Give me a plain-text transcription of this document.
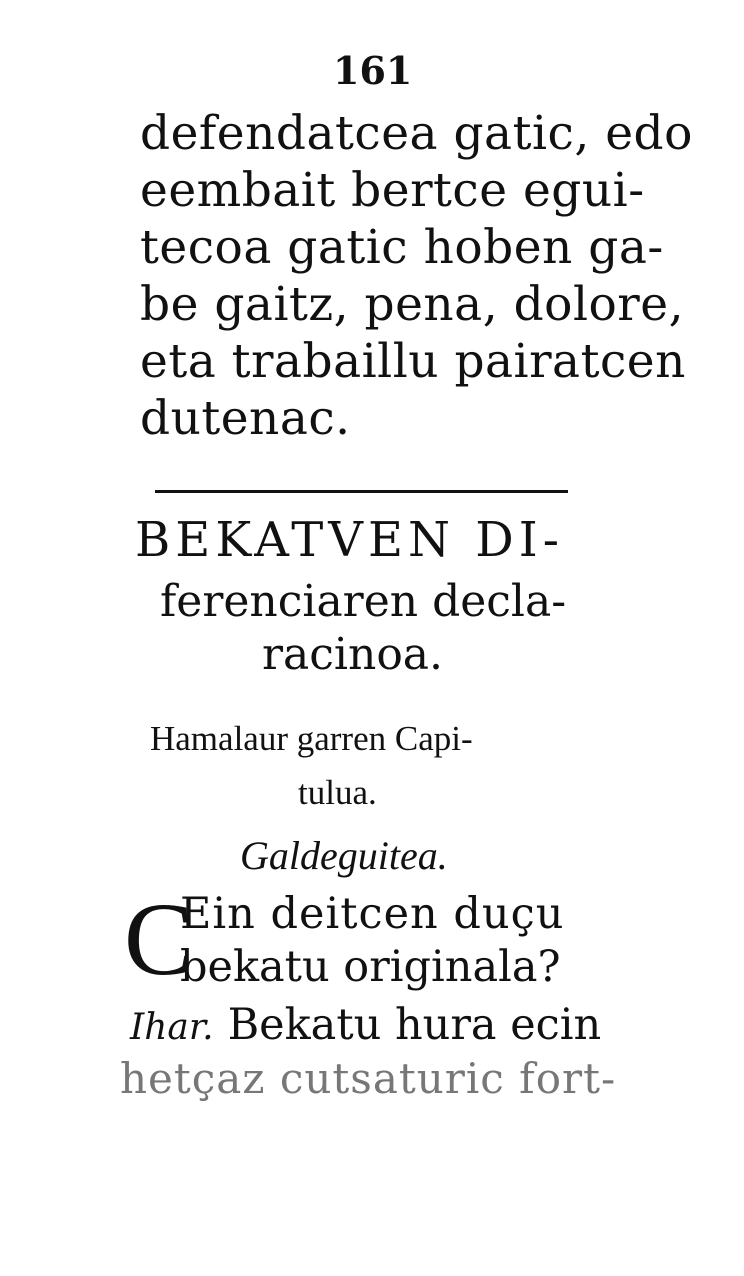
161
defendatcea gatic, edo
eembait bertce egui-
tecoa gatic hoben ga-
be gaitz, pena, dolore,
eta trabaillu pairatcen
dutenac.
BEKATVEN DI-
ferenciaren decla-
racinoa.
Hamalaur garren Capi-
tulua.
Galdeguitea.
C
Ein deitcen duçu
bekatu originala?
Ihar. Bekatu hura ecin
hetçaz cutsaturic fort-
